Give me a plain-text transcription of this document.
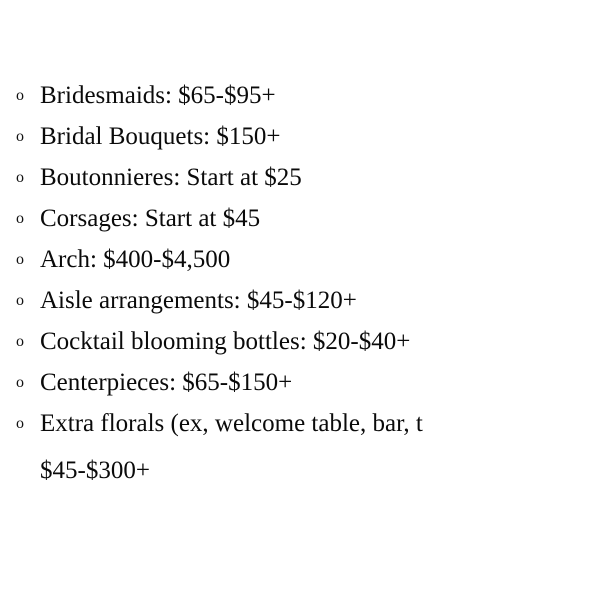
o Bridesmaids: $65-$95+
o Bridal Bouquets: $150+
o Boutonnieres: Start at $25
o Corsages: Start at $45
o Arch: $400-$4,500
o Aisle arrangements: $45-$120+
o Cocktail blooming bottles: $20-$40+
o Centerpieces: $65-$150+
o Extra florals (ex, welcome table, bar, t
$45-$300+
